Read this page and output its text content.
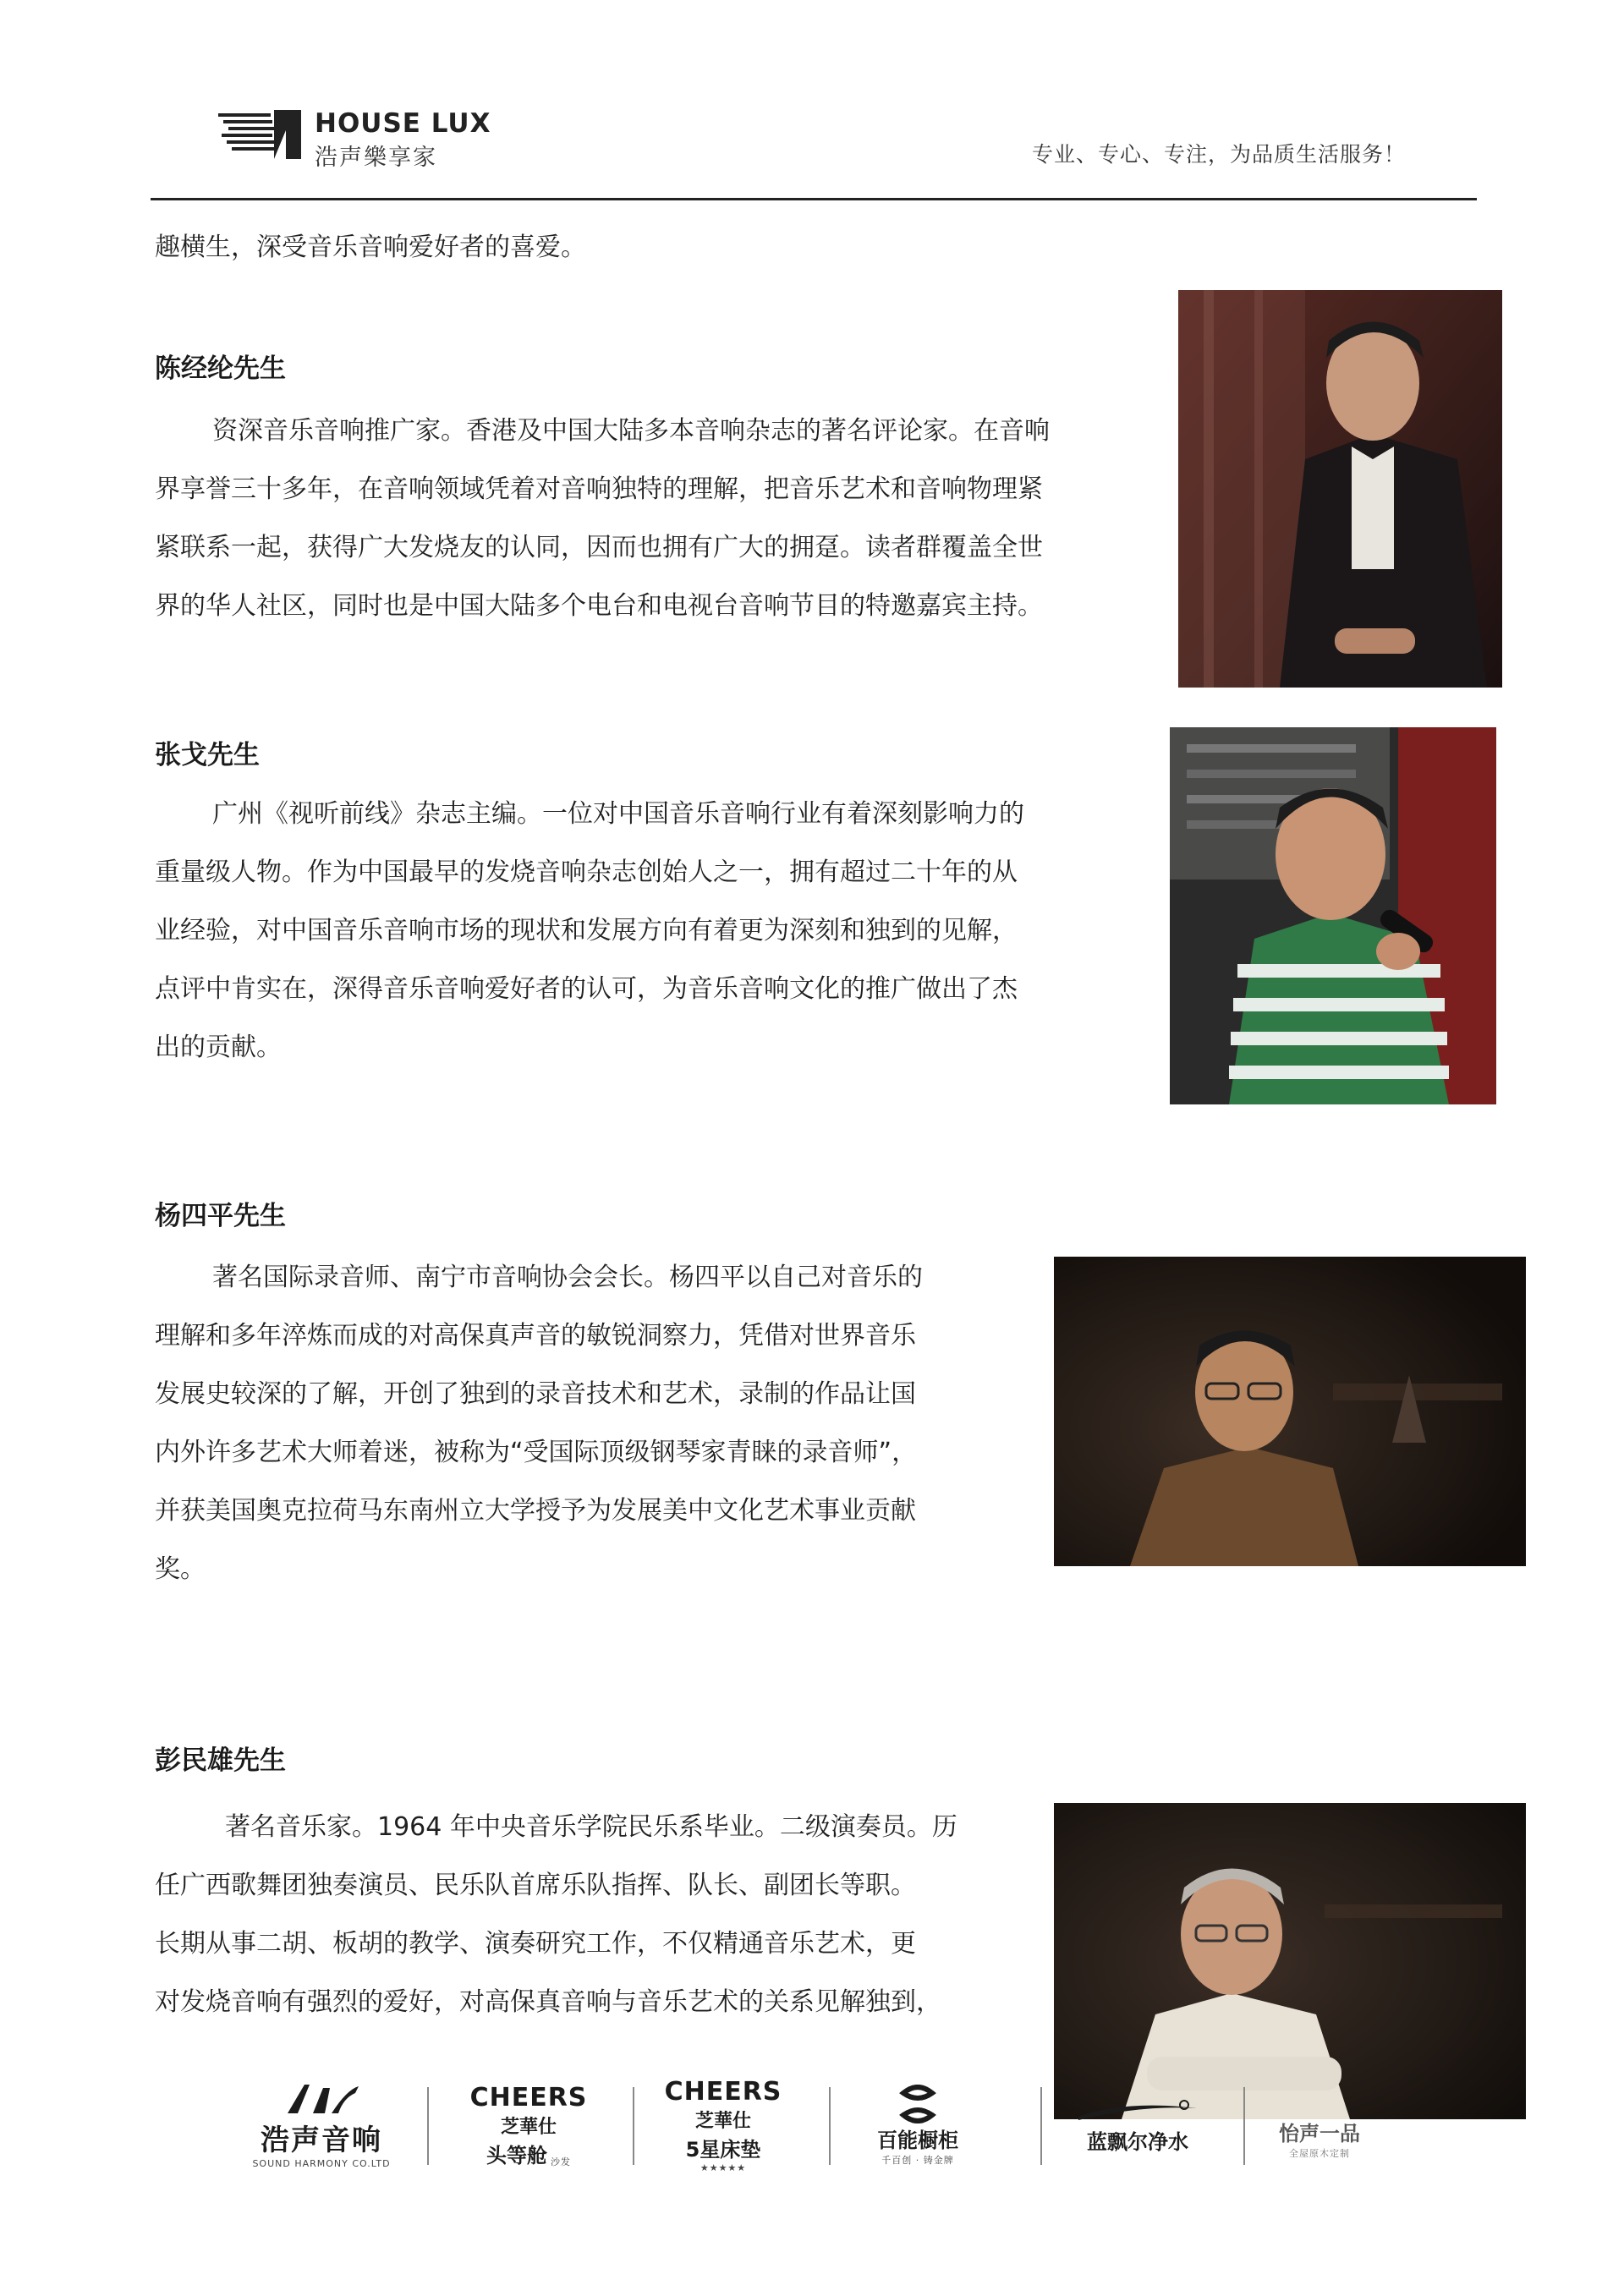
HOUSE LUX
浩声樂享家	专业、专心、专注，为品质生活服务！

趣横生，深受音乐音响爱好者的喜爱。

陈经纶先生

资深音乐音响推广家。香港及中国大陆多本音响杂志的著名评论家。在音响
界享誉三十多年，在音响领域凭着对音响独特的理解，把音乐艺术和音响物理紧
紧联系一起，获得广大发烧友的认同，因而也拥有广大的拥趸。读者群覆盖全世
界的华人社区，同时也是中国大陆多个电台和电视台音响节目的特邀嘉宾主持。

张戈先生

广州《视听前线》杂志主编。一位对中国音乐音响行业有着深刻影响力的
重量级人物。作为中国最早的发烧音响杂志创始人之一，拥有超过二十年的从
业经验，对中国音乐音响市场的现状和发展方向有着更为深刻和独到的见解，
点评中肯实在，深得音乐音响爱好者的认可，为音乐音响文化的推广做出了杰
出的贡献。

杨四平先生

著名国际录音师、南宁市音响协会会长。杨四平以自己对音乐的
理解和多年淬炼而成的对高保真声音的敏锐洞察力，凭借对世界音乐
发展史较深的了解，开创了独到的录音技术和艺术，录制的作品让国
内外许多艺术大师着迷，被称为“受国际顶级钢琴家青睐的录音师”，
并获美国奥克拉荷马东南州立大学授予为发展美中文化艺术事业贡献
奖。

彭民雄先生

著名音乐家。1964 年中央音乐学院民乐系毕业。二级演奏员。历
任广西歌舞团独奏演员、民乐队首席乐队指挥、队长、副团长等职。
长期从事二胡、板胡的教学、演奏研究工作，不仅精通音乐艺术，更
对发烧音响有强烈的爱好，对高保真音响与音乐艺术的关系见解独到，

浩声音响
SOUND HARMONY CO.LTD
CHEERS
芝華仕
头等舱 沙发
CHEERS
芝華仕
5星床垫
★★★★★
百能橱柜
千百创 · 铸金牌
蓝飘尔净水	怡声一品
全屋原木定制
